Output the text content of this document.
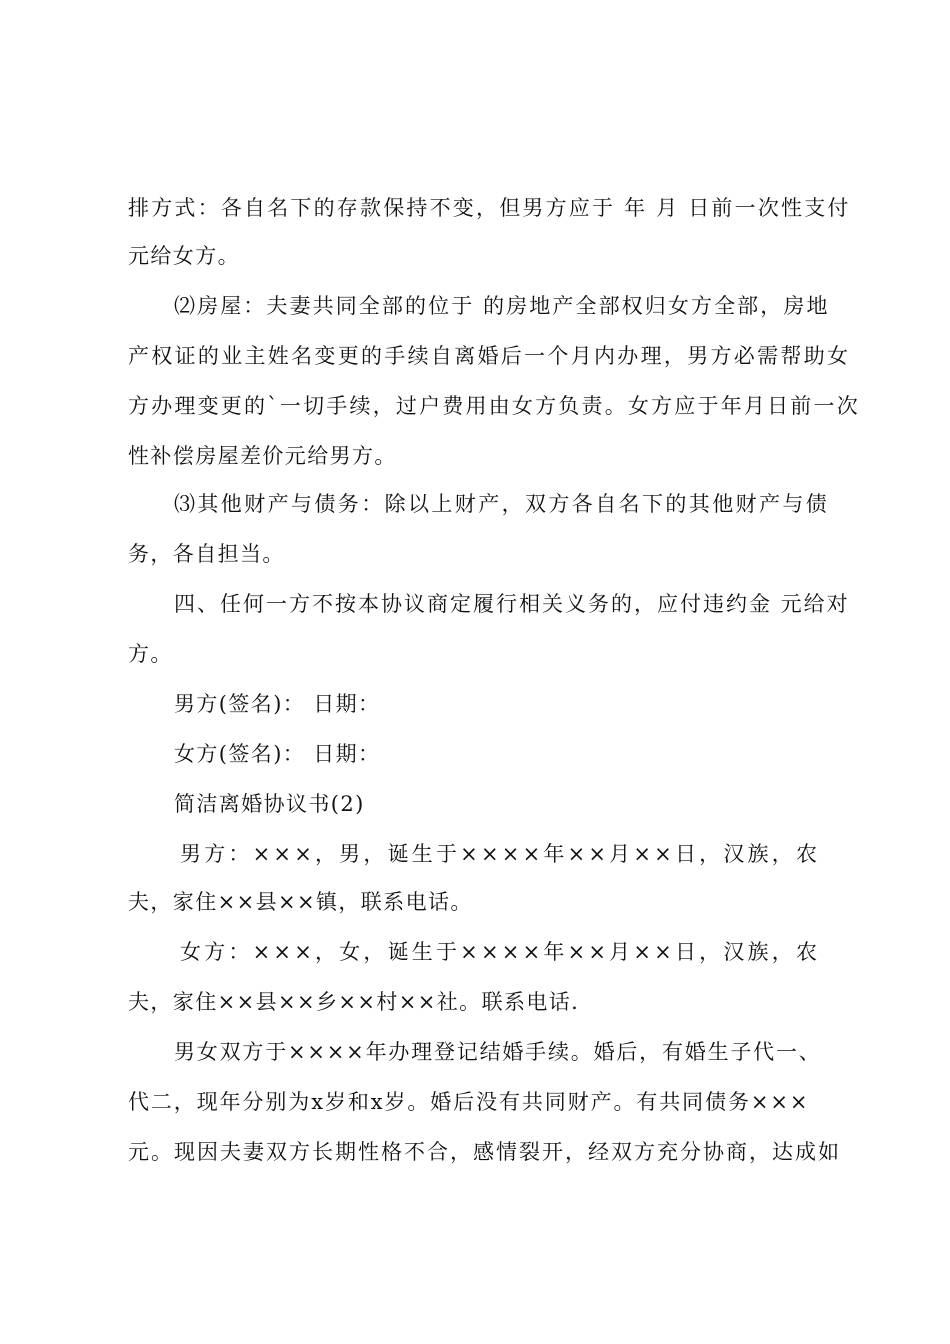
排方式：各自名下的存款保持不变，但男方应于 年 月 日前一次性支付
元给女方。
⑵房屋：夫妻共同全部的位于 的房地产全部权归女方全部，房地
产权证的业主姓名变更的手续自离婚后一个月内办理，男方必需帮助女
方办理变更的`一切手续，过户费用由女方负责。女方应于年月日前一次
性补偿房屋差价元给男方。
⑶其他财产与债务：除以上财产，双方各自名下的其他财产与债
务，各自担当。
四、任何一方不按本协议商定履行相关义务的，应付违约金 元给对
方。
男方(签名)： 日期：
女方(签名)： 日期：
简洁离婚协议书(2)
男方：×××，男，诞生于××××年××月××日，汉族，农
夫，家住××县××镇，联系电话。
女方：×××，女，诞生于××××年××月××日，汉族，农
夫，家住××县××乡××村××社。联系电话.
男女双方于××××年办理登记结婚手续。婚后，有婚生子代一、
代二，现年分别为x岁和x岁。婚后没有共同财产。有共同债务×××
元。现因夫妻双方长期性格不合，感情裂开，经双方充分协商，达成如
